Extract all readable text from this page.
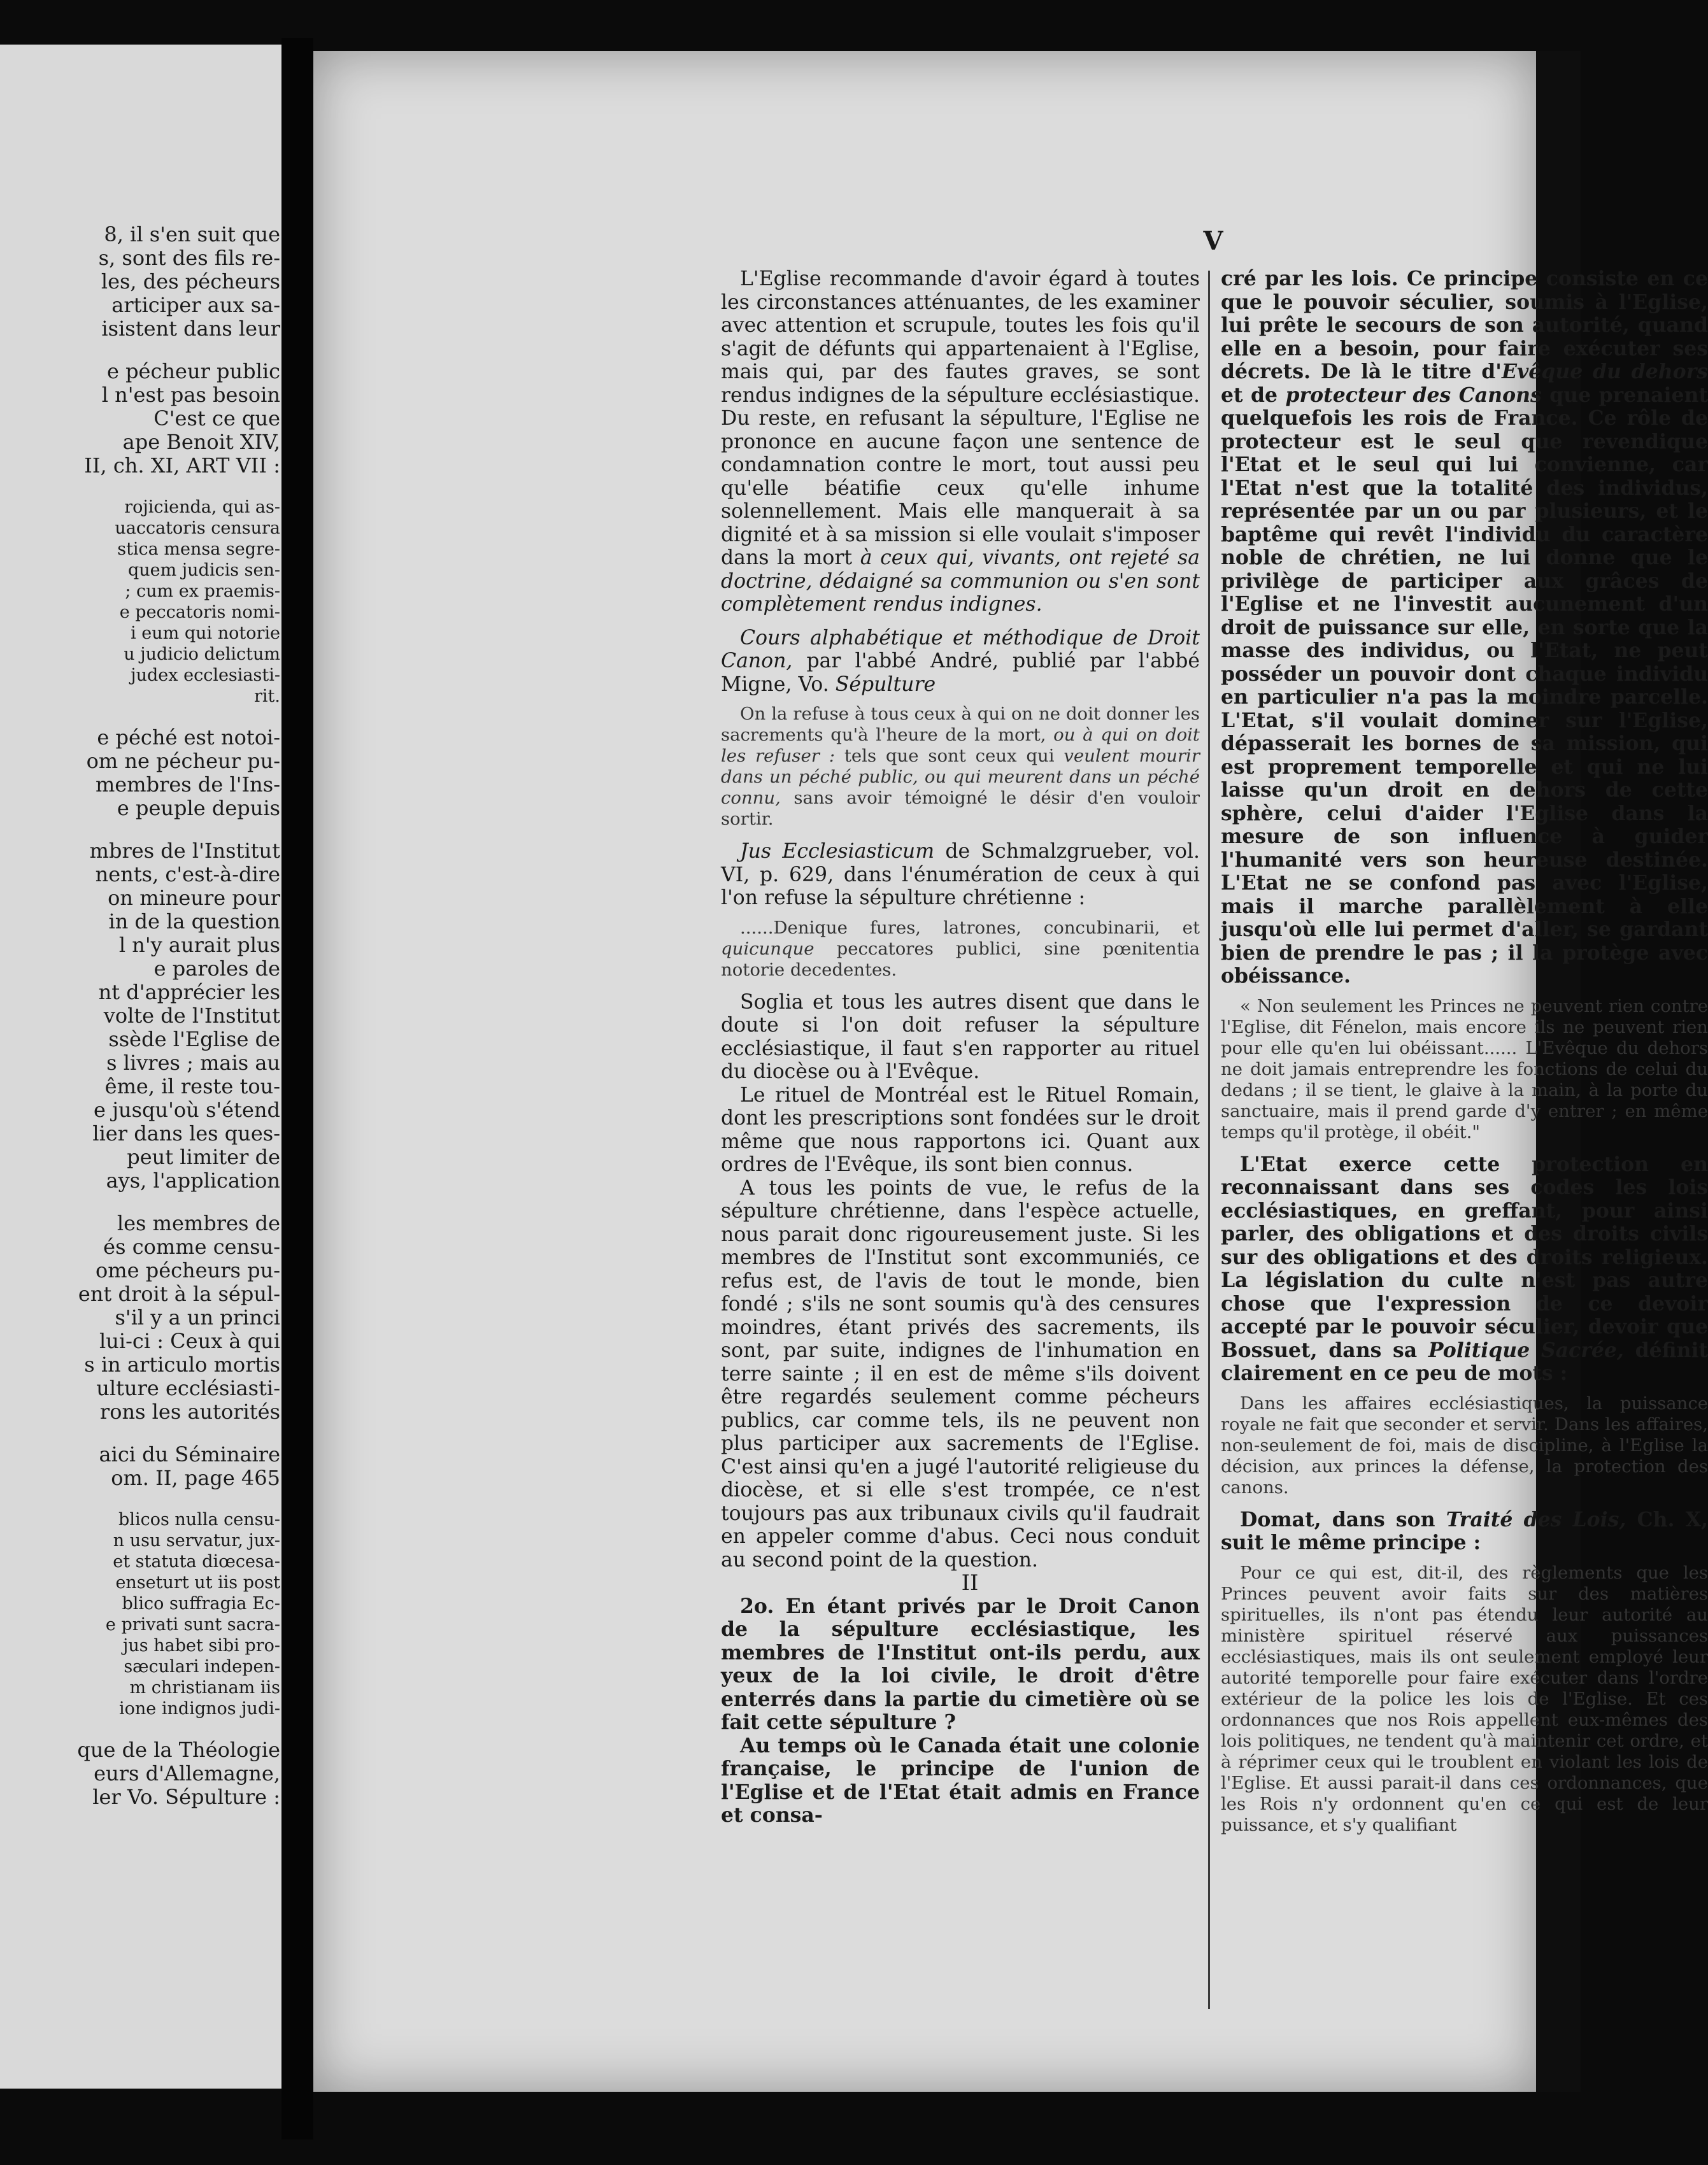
8, il s'en suit que
s, sont des fils re-
les, des pécheurs
articiper aux sa-
isistent dans leur

e pécheur public
l n'est pas besoin
C'est ce que
ape Benoit XIV,
II, ch. XI, ART VII :

rojicienda, qui as-
uaccatoris censura
stica mensa segre-
quem judicis sen-
; cum ex praemis-
e peccatoris nomi-
i eum qui notorie
u judicio delictum
judex ecclesiasti-
rit.

e péché est notoi-
om ne pécheur pu-
membres de l'Ins-
e peuple depuis

mbres de l'Institut
nents, c'est-à-dire
on mineure pour
in de la question
l n'y aurait plus
e paroles de
nt d'apprécier les
volte de l'Institut
ssède l'Eglise de
s livres ; mais au
ême, il reste tou-
e jusqu'où s'étend
lier dans les ques-
peut limiter de
ays, l'application

les membres de
és comme censu-
ome pécheurs pu-
ent droit à la sépul-
s'il y a un princi
lui-ci : Ceux à qui
s in articulo mortis
ulture ecclésiasti-
rons les autorités

aici du Séminaire
om. II, page 465

blicos nulla censu-
n usu servatur, jux-
et statuta diœcesa-
enseturt ut iis post
blico suffragia Ec-
e privati sunt sacra-
jus habet sibi pro-
sæculari indepen-
m christianam iis
ione indignos judi-

que de la Théologie
eurs d'Allemagne,
ler Vo. Sépulture :

V

L'Eglise recommande d'avoir égard à toutes les circonstances atténuantes, de les examiner avec attention et scrupule, toutes les fois qu'il s'agit de défunts qui appartenaient à l'Eglise, mais qui, par des fautes graves, se sont rendus indignes de la sépulture ecclésiastique. Du reste, en refusant la sépulture, l'Eglise ne prononce en aucune façon une sentence de condamnation contre le mort, tout aussi peu qu'elle béatifie ceux qu'elle inhume solennellement. Mais elle manquerait à sa dignité et à sa mission si elle voulait s'imposer dans la mort à ceux qui, vivants, ont rejeté sa doctrine, dédaigné sa communion ou s'en sont complètement rendus indignes.

Cours alphabétique et méthodique de Droit Canon, par l'abbé André, publié par l'abbé Migne, Vo. Sépulture

On la refuse à tous ceux à qui on ne doit donner les sacrements qu'à l'heure de la mort, ou à qui on doit les refuser : tels que sont ceux qui veulent mourir dans un péché public, ou qui meurent dans un péché connu, sans avoir témoigné le désir d'en vouloir sortir.

Jus Ecclesiasticum de Schmalzgrueber, vol. VI, p. 629, dans l'énumération de ceux à qui l'on refuse la sépulture chrétienne :

......Denique fures, latrones, concubinarii, et quicunque peccatores publici, sine pœnitentia notorie decedentes.

Soglia et tous les autres disent que dans le doute si l'on doit refuser la sépulture ecclésiastique, il faut s'en rapporter au rituel du diocèse ou à l'Evêque.

Le rituel de Montréal est le Rituel Romain, dont les prescriptions sont fondées sur le droit même que nous rapportons ici. Quant aux ordres de l'Evêque, ils sont bien connus.

A tous les points de vue, le refus de la sépulture chrétienne, dans l'espèce actuelle, nous parait donc rigoureusement juste. Si les membres de l'Institut sont excommuniés, ce refus est, de l'avis de tout le monde, bien fondé ; s'ils ne sont soumis qu'à des censures moindres, étant privés des sacrements, ils sont, par suite, indignes de l'inhumation en terre sainte ; il en est de même s'ils doivent être regardés seulement comme pécheurs publics, car comme tels, ils ne peuvent non plus participer aux sacrements de l'Eglise. C'est ainsi qu'en a jugé l'autorité religieuse du diocèse, et si elle s'est trompée, ce n'est toujours pas aux tribunaux civils qu'il faudrait en appeler comme d'abus. Ceci nous conduit au second point de la question.

II

2o. En étant privés par le Droit Canon de la sépulture ecclésiastique, les membres de l'Institut ont-ils perdu, aux yeux de la loi civile, le droit d'être enterrés dans la partie du cimetière où se fait cette sépulture ?

Au temps où le Canada était une colonie française, le principe de l'union de l'Eglise et de l'Etat était admis en France et consa-

cré par les lois. Ce principe consiste en ce que le pouvoir séculier, soumis à l'Eglise, lui prête le secours de son autorité, quand elle en a besoin, pour faire exécuter ses décrets. De là le titre d'Evêque du dehors et de protecteur des Canons que prenaient quelquefois les rois de France. Ce rôle de protecteur est le seul que revendique l'Etat et le seul qui lui convienne, car l'Etat n'est que la totalité des individus, représentée par un ou par plusieurs, et le baptême qui revêt l'individu du caractère noble de chrétien, ne lui donne que le privilège de participer aux grâces de l'Eglise et ne l'investit aucunement d'un droit de puissance sur elle, en sorte que la masse des individus, ou l'Etat, ne peut posséder un pouvoir dont chaque individu en particulier n'a pas la moindre parcelle. L'Etat, s'il voulait dominer sur l'Eglise, dépasserait les bornes de sa mission, qui est proprement temporelle et qui ne lui laisse qu'un droit en dehors de cette sphère, celui d'aider l'Eglise dans la mesure de son influence à guider l'humanité vers son heureuse destinée. L'Etat ne se confond pas avec l'Eglise, mais il marche parallèlement à elle jusqu'où elle lui permet d'aller, se gardant bien de prendre le pas ; il la protège avec obéissance.

« Non seulement les Princes ne peuvent rien contre l'Eglise, dit Fénelon, mais encore ils ne peuvent rien pour elle qu'en lui obéissant...... L'Evêque du dehors ne doit jamais entreprendre les fonctions de celui du dedans ; il se tient, le glaive à la main, à la porte du sanctuaire, mais il prend garde d'y entrer ; en même temps qu'il protège, il obéit."

L'Etat exerce cette protection en reconnaissant dans ses codes les lois ecclésiastiques, en greffant, pour ainsi parler, des obligations et des droits civils sur des obligations et des droits religieux. La législation du culte n'est pas autre chose que l'expression de ce devoir accepté par le pouvoir séculier, devoir que Bossuet, dans sa Politique Sacrée, définit clairement en ce peu de mots :

Dans les affaires ecclésiastiques, la puissance royale ne fait que seconder et servir. Dans les affaires, non-seulement de foi, mais de discipline, à l'Eglise la décision, aux princes la défense, la protection des canons.

Domat, dans son Traité des Lois, Ch. X, suit le même principe :

Pour ce qui est, dit-il, des règlements que les Princes peuvent avoir faits sur des matières spirituelles, ils n'ont pas étendu leur autorité au ministère spirituel réservé aux puissances ecclésiastiques, mais ils ont seulement employé leur autorité temporelle pour faire exécuter dans l'ordre extérieur de la police les lois de l'Eglise. Et ces ordonnances que nos Rois appellent eux-mêmes des lois politiques, ne tendent qu'à maintenir cet ordre, et à réprimer ceux qui le troublent en violant les lois de l'Eglise. Et aussi parait-il dans ces ordonnances, que les Rois n'y ordonnent qu'en ce qui est de leur puissance, et s'y qualifiant
